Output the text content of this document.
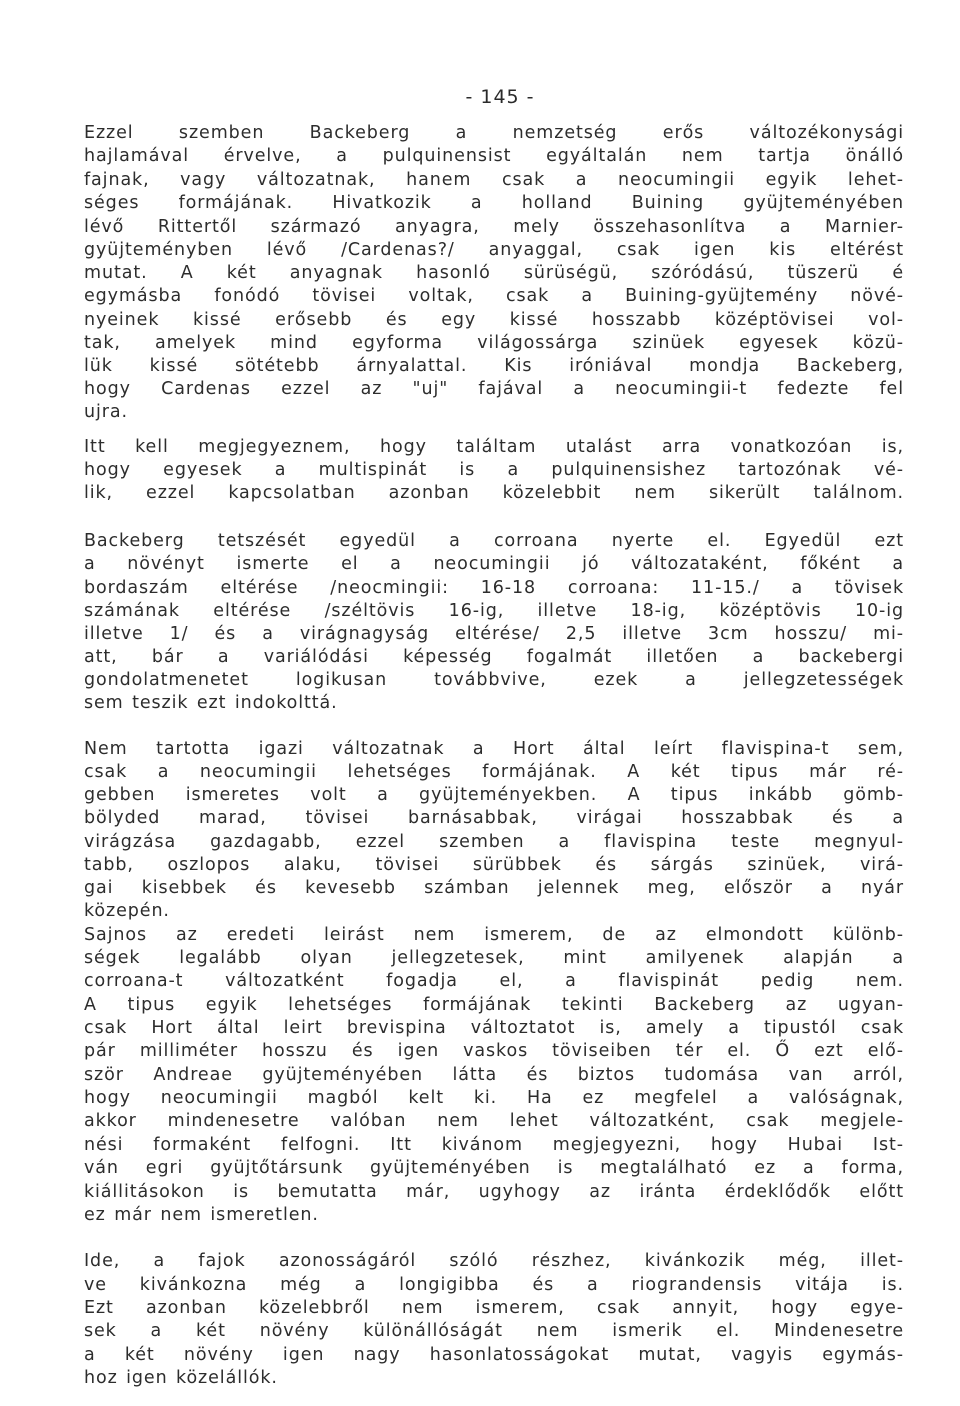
- 145 -
Ezzel szemben Backeberg a nemzetség erős változékonysági
hajlamával érvelve, a pulquinensist egyáltalán nem tartja önálló
fajnak, vagy változatnak, hanem csak a neocumingii egyik lehet-
séges formájának. Hivatkozik a holland Buining gyüjteményében
lévő Rittertől származó anyagra, mely összehasonlítva a Marnier-
gyüjteményben lévő /Cardenas?/ anyaggal, csak igen kis eltérést
mutat. A két anyagnak hasonló sürüségü, szóródású, tüszerü é
egymásba fonódó tövisei voltak, csak a Buining-gyüjtemény növé-
nyeinek kissé erősebb és egy kissé hosszabb középtövisei vol-
tak, amelyek mind egyforma világossárga szinüek egyesek közü-
lük kissé sötétebb árnyalattal. Kis iróniával mondja Backeberg,
hogy Cardenas ezzel az "uj" fajával a neocumingii-t fedezte fel
ujra.
Itt kell megjegyeznem, hogy találtam utalást arra vonatkozóan is,
hogy egyesek a multispinát is a pulquinensishez tartozónak vé-
lik, ezzel kapcsolatban azonban közelebbit nem sikerült találnom.
Backeberg tetszését egyedül a corroana nyerte el. Egyedül ezt
a növényt ismerte el a neocumingii jó változataként, főként a
bordaszám eltérése /neocmingii: 16-18 corroana: 11-15./ a tövisek
számának eltérése /széltövis 16-ig, illetve 18-ig, középtövis 10-ig
illetve 1/ és a virágnagyság eltérése/ 2,5 illetve 3cm hosszu/ mi-
att, bár a variálódási képesség fogalmát illetően a backebergi
gondolatmenetet logikusan továbbvive, ezek a jellegzetességek
sem teszik ezt indokolttá.
Nem tartotta igazi változatnak a Hort által leírt flavispina-t sem,
csak a neocumingii lehetséges formájának. A két tipus már ré-
gebben ismeretes volt a gyüjteményekben. A tipus inkább gömb-
bölyded marad, tövisei barnásabbak, virágai hosszabbak és a
virágzása gazdagabb, ezzel szemben a flavispina teste megnyul-
tabb, oszlopos alaku, tövisei sürübbek és sárgás szinüek, virá-
gai kisebbek és kevesebb számban jelennek meg, először a nyár
közepén.
Sajnos az eredeti leirást nem ismerem, de az elmondott különb-
ségek legalább olyan jellegzetesek, mint amilyenek alapján a
corroana-t változatként fogadja el, a flavispinát pedig nem.
A tipus egyik lehetséges formájának tekinti Backeberg az ugyan-
csak Hort által leirt brevispina változtatot is, amely a tipustól csak
pár milliméter hosszu és igen vaskos töviseiben tér el. Ő ezt elő-
ször Andreae gyüjteményében látta és biztos tudomása van arról,
hogy neocumingii magból kelt ki. Ha ez megfelel a valóságnak,
akkor mindenesetre valóban nem lehet változatként, csak megjele-
nési formaként felfogni. Itt kivánom megjegyezni, hogy Hubai Ist-
ván egri gyüjtőtársunk gyüjteményében is megtalálható ez a forma,
kiállitásokon is bemutatta már, ugyhogy az iránta érdeklődők előtt
ez már nem ismeretlen.
Ide, a fajok azonosságáról szóló részhez, kivánkozik még, illet-
ve kivánkozna még a longigibba és a riograndensis vitája is.
Ezt azonban közelebbről nem ismerem, csak annyit, hogy egye-
sek a két növény különállóságát nem ismerik el. Mindenesetre
a két növény igen nagy hasonlatosságokat mutat, vagyis egymás-
hoz igen közelállók.
